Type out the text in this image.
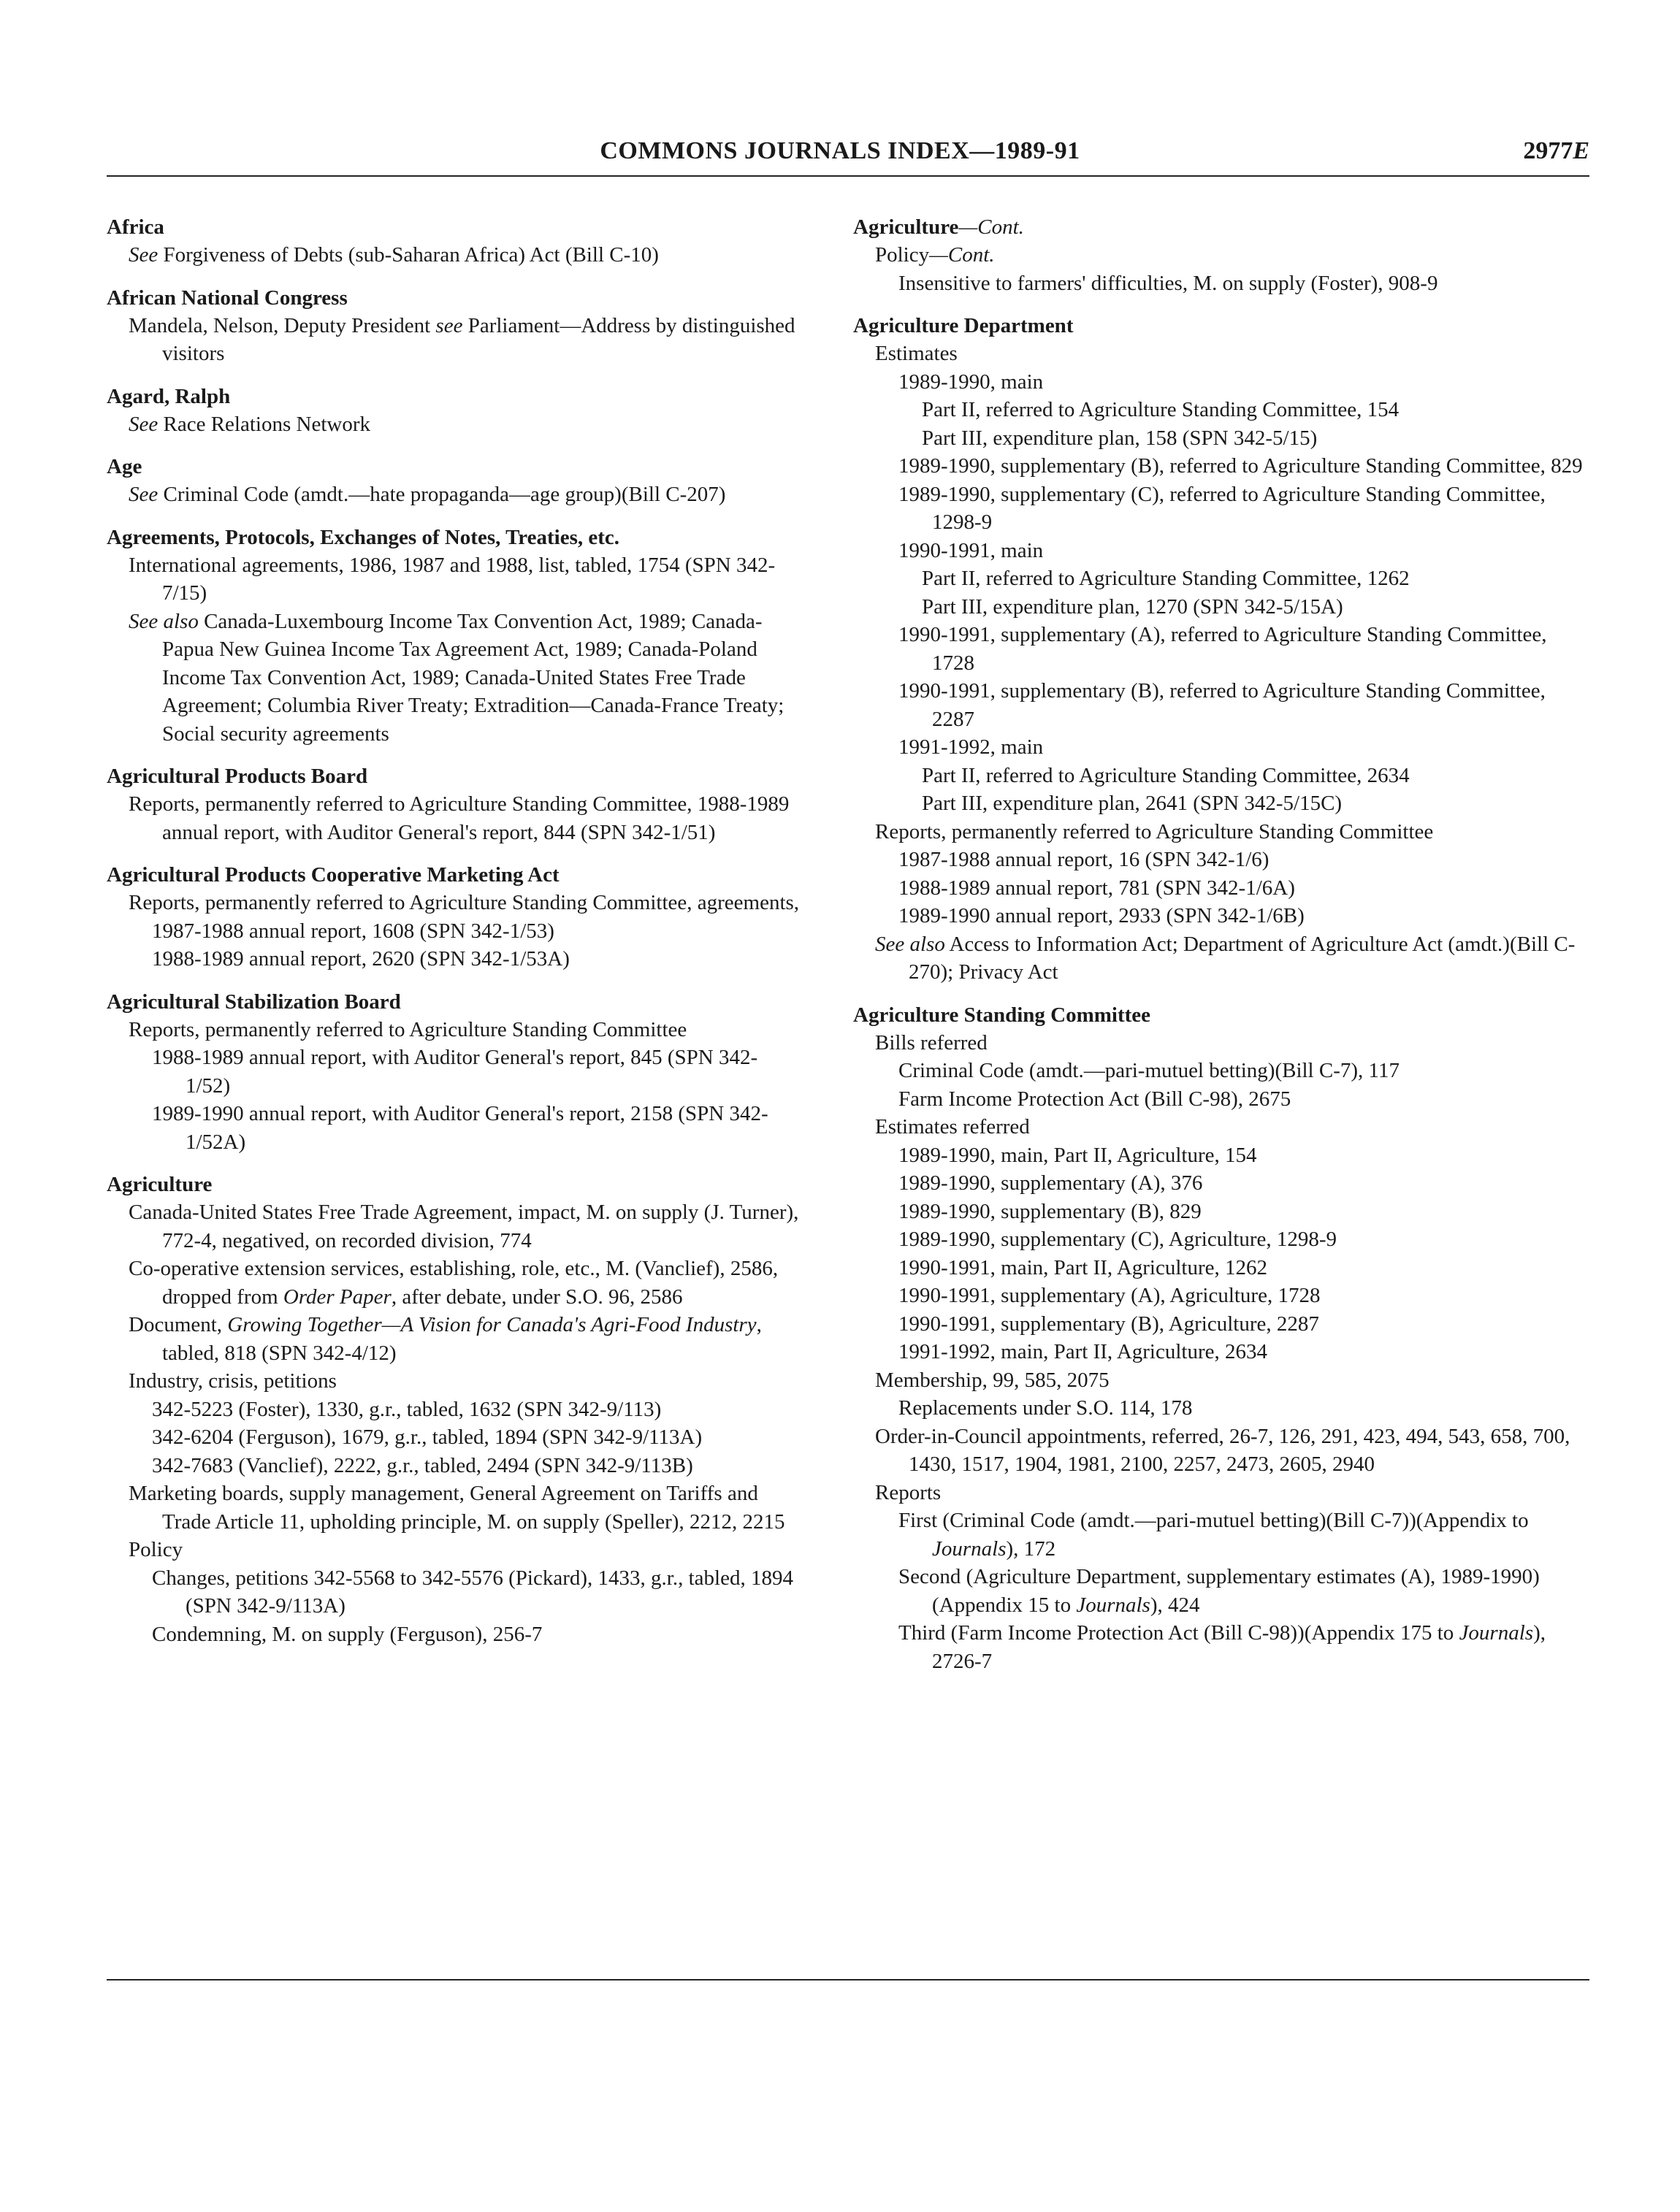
COMMONS JOURNALS INDEX—1989-91	2977E
Africa
See Forgiveness of Debts (sub-Saharan Africa) Act (Bill C-10)
African National Congress
Mandela, Nelson, Deputy President see Parliament—Address by distinguished visitors
Agard, Ralph
See Race Relations Network
Age
See Criminal Code (amdt.—hate propaganda—age group)(Bill C-207)
Agreements, Protocols, Exchanges of Notes, Treaties, etc.
International agreements, 1986, 1987 and 1988, list, tabled, 1754 (SPN 342-7/15)
See also Canada-Luxembourg Income Tax Convention Act, 1989; Canada-Papua New Guinea Income Tax Agreement Act, 1989; Canada-Poland Income Tax Convention Act, 1989; Canada-United States Free Trade Agreement; Columbia River Treaty; Extradition—Canada-France Treaty; Social security agreements
Agricultural Products Board
Reports, permanently referred to Agriculture Standing Committee, 1988-1989 annual report, with Auditor General's report, 844 (SPN 342-1/51)
Agricultural Products Cooperative Marketing Act
Reports, permanently referred to Agriculture Standing Committee, agreements,
1987-1988 annual report, 1608 (SPN 342-1/53)
1988-1989 annual report, 2620 (SPN 342-1/53A)
Agricultural Stabilization Board
Reports, permanently referred to Agriculture Standing Committee
1988-1989 annual report, with Auditor General's report, 845 (SPN 342-1/52)
1989-1990 annual report, with Auditor General's report, 2158 (SPN 342-1/52A)
Agriculture
Canada-United States Free Trade Agreement, impact, M. on supply (J. Turner), 772-4, negatived, on recorded division, 774
Co-operative extension services, establishing, role, etc., M. (Vanclief), 2586, dropped from Order Paper, after debate, under S.O. 96, 2586
Document, Growing Together—A Vision for Canada's Agri-Food Industry, tabled, 818 (SPN 342-4/12)
Industry, crisis, petitions
342-5223 (Foster), 1330, g.r., tabled, 1632 (SPN 342-9/113)
342-6204 (Ferguson), 1679, g.r., tabled, 1894 (SPN 342-9/113A)
342-7683 (Vanclief), 2222, g.r., tabled, 2494 (SPN 342-9/113B)
Marketing boards, supply management, General Agreement on Tariffs and Trade Article 11, upholding principle, M. on supply (Speller), 2212, 2215
Policy
Changes, petitions 342-5568 to 342-5576 (Pickard), 1433, g.r., tabled, 1894 (SPN 342-9/113A)
Condemning, M. on supply (Ferguson), 256-7
Agriculture—Cont.
Policy—Cont.
Insensitive to farmers' difficulties, M. on supply (Foster), 908-9
Agriculture Department
Estimates
1989-1990, main
Part II, referred to Agriculture Standing Committee, 154
Part III, expenditure plan, 158 (SPN 342-5/15)
1989-1990, supplementary (B), referred to Agriculture Standing Committee, 829
1989-1990, supplementary (C), referred to Agriculture Standing Committee, 1298-9
1990-1991, main
Part II, referred to Agriculture Standing Committee, 1262
Part III, expenditure plan, 1270 (SPN 342-5/15A)
1990-1991, supplementary (A), referred to Agriculture Standing Committee, 1728
1990-1991, supplementary (B), referred to Agriculture Standing Committee, 2287
1991-1992, main
Part II, referred to Agriculture Standing Committee, 2634
Part III, expenditure plan, 2641 (SPN 342-5/15C)
Reports, permanently referred to Agriculture Standing Committee
1987-1988 annual report, 16 (SPN 342-1/6)
1988-1989 annual report, 781 (SPN 342-1/6A)
1989-1990 annual report, 2933 (SPN 342-1/6B)
See also Access to Information Act; Department of Agriculture Act (amdt.)(Bill C-270); Privacy Act
Agriculture Standing Committee
Bills referred
Criminal Code (amdt.—pari-mutuel betting)(Bill C-7), 117
Farm Income Protection Act (Bill C-98), 2675
Estimates referred
1989-1990, main, Part II, Agriculture, 154
1989-1990, supplementary (A), 376
1989-1990, supplementary (B), 829
1989-1990, supplementary (C), Agriculture, 1298-9
1990-1991, main, Part II, Agriculture, 1262
1990-1991, supplementary (A), Agriculture, 1728
1990-1991, supplementary (B), Agriculture, 2287
1991-1992, main, Part II, Agriculture, 2634
Membership, 99, 585, 2075
Replacements under S.O. 114, 178
Order-in-Council appointments, referred, 26-7, 126, 291, 423, 494, 543, 658, 700, 1430, 1517, 1904, 1981, 2100, 2257, 2473, 2605, 2940
Reports
First (Criminal Code (amdt.—pari-mutuel betting)(Bill C-7))(Appendix to Journals), 172
Second (Agriculture Department, supplementary estimates (A), 1989-1990)(Appendix 15 to Journals), 424
Third (Farm Income Protection Act (Bill C-98))(Appendix 175 to Journals), 2726-7
